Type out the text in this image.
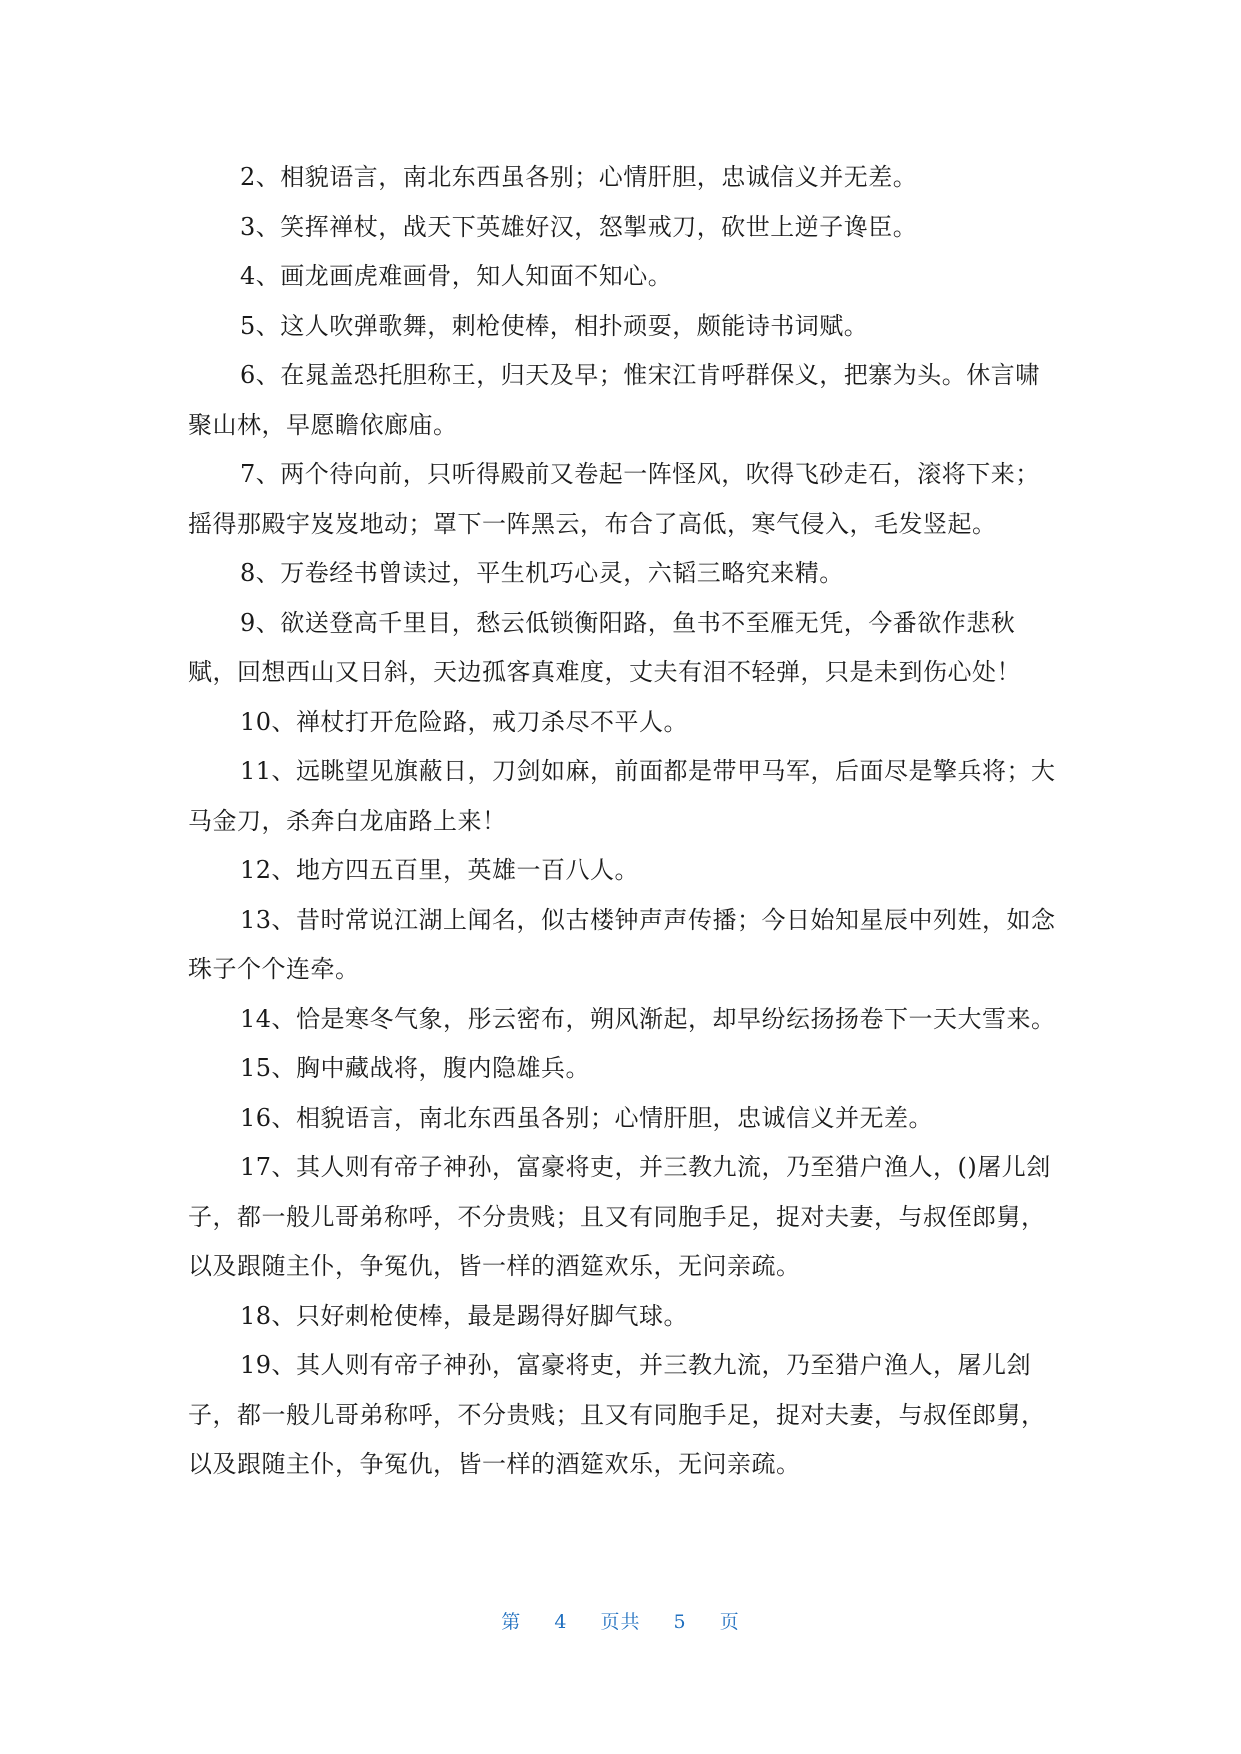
2、相貌语言，南北东西虽各别；心情肝胆，忠诚信义并无差。

3、笑挥禅杖，战天下英雄好汉，怒掣戒刀，砍世上逆子谗臣。

4、画龙画虎难画骨，知人知面不知心。

5、这人吹弹歌舞，刺枪使棒，相扑顽耍，颇能诗书词赋。

6、在晁盖恐托胆称王，归天及早；惟宋江肯呼群保义，把寨为头。休言啸聚山林，早愿瞻依廊庙。

7、两个待向前，只听得殿前又卷起一阵怪风，吹得飞砂走石，滚将下来；摇得那殿宇岌岌地动；罩下一阵黑云，布合了高低，寒气侵入，毛发竖起。

8、万卷经书曾读过，平生机巧心灵，六韬三略究来精。

9、欲送登高千里目，愁云低锁衡阳路，鱼书不至雁无凭，今番欲作悲秋赋，回想西山又日斜，天边孤客真难度，丈夫有泪不轻弹，只是未到伤心处！

10、禅杖打开危险路，戒刀杀尽不平人。

11、远眺望见旗蔽日，刀剑如麻，前面都是带甲马军，后面尽是擎兵将；大马金刀，杀奔白龙庙路上来！

12、地方四五百里，英雄一百八人。

13、昔时常说江湖上闻名，似古楼钟声声传播；今日始知星辰中列姓，如念珠子个个连牵。

14、恰是寒冬气象，彤云密布，朔风渐起，却早纷纭扬扬卷下一天大雪来。

15、胸中藏战将，腹内隐雄兵。

16、相貌语言，南北东西虽各别；心情肝胆，忠诚信义并无差。

17、其人则有帝子神孙，富豪将吏，并三教九流，乃至猎户渔人，()屠儿刽子，都一般儿哥弟称呼，不分贵贱；且又有同胞手足，捉对夫妻，与叔侄郎舅，以及跟随主仆，争冤仇，皆一样的酒筵欢乐，无问亲疏。

18、只好刺枪使棒，最是踢得好脚气球。

19、其人则有帝子神孙，富豪将吏，并三教九流，乃至猎户渔人，屠儿刽子，都一般儿哥弟称呼，不分贵贱；且又有同胞手足，捉对夫妻，与叔侄郎舅，以及跟随主仆，争冤仇，皆一样的酒筵欢乐，无问亲疏。

第 4 页共 5 页
